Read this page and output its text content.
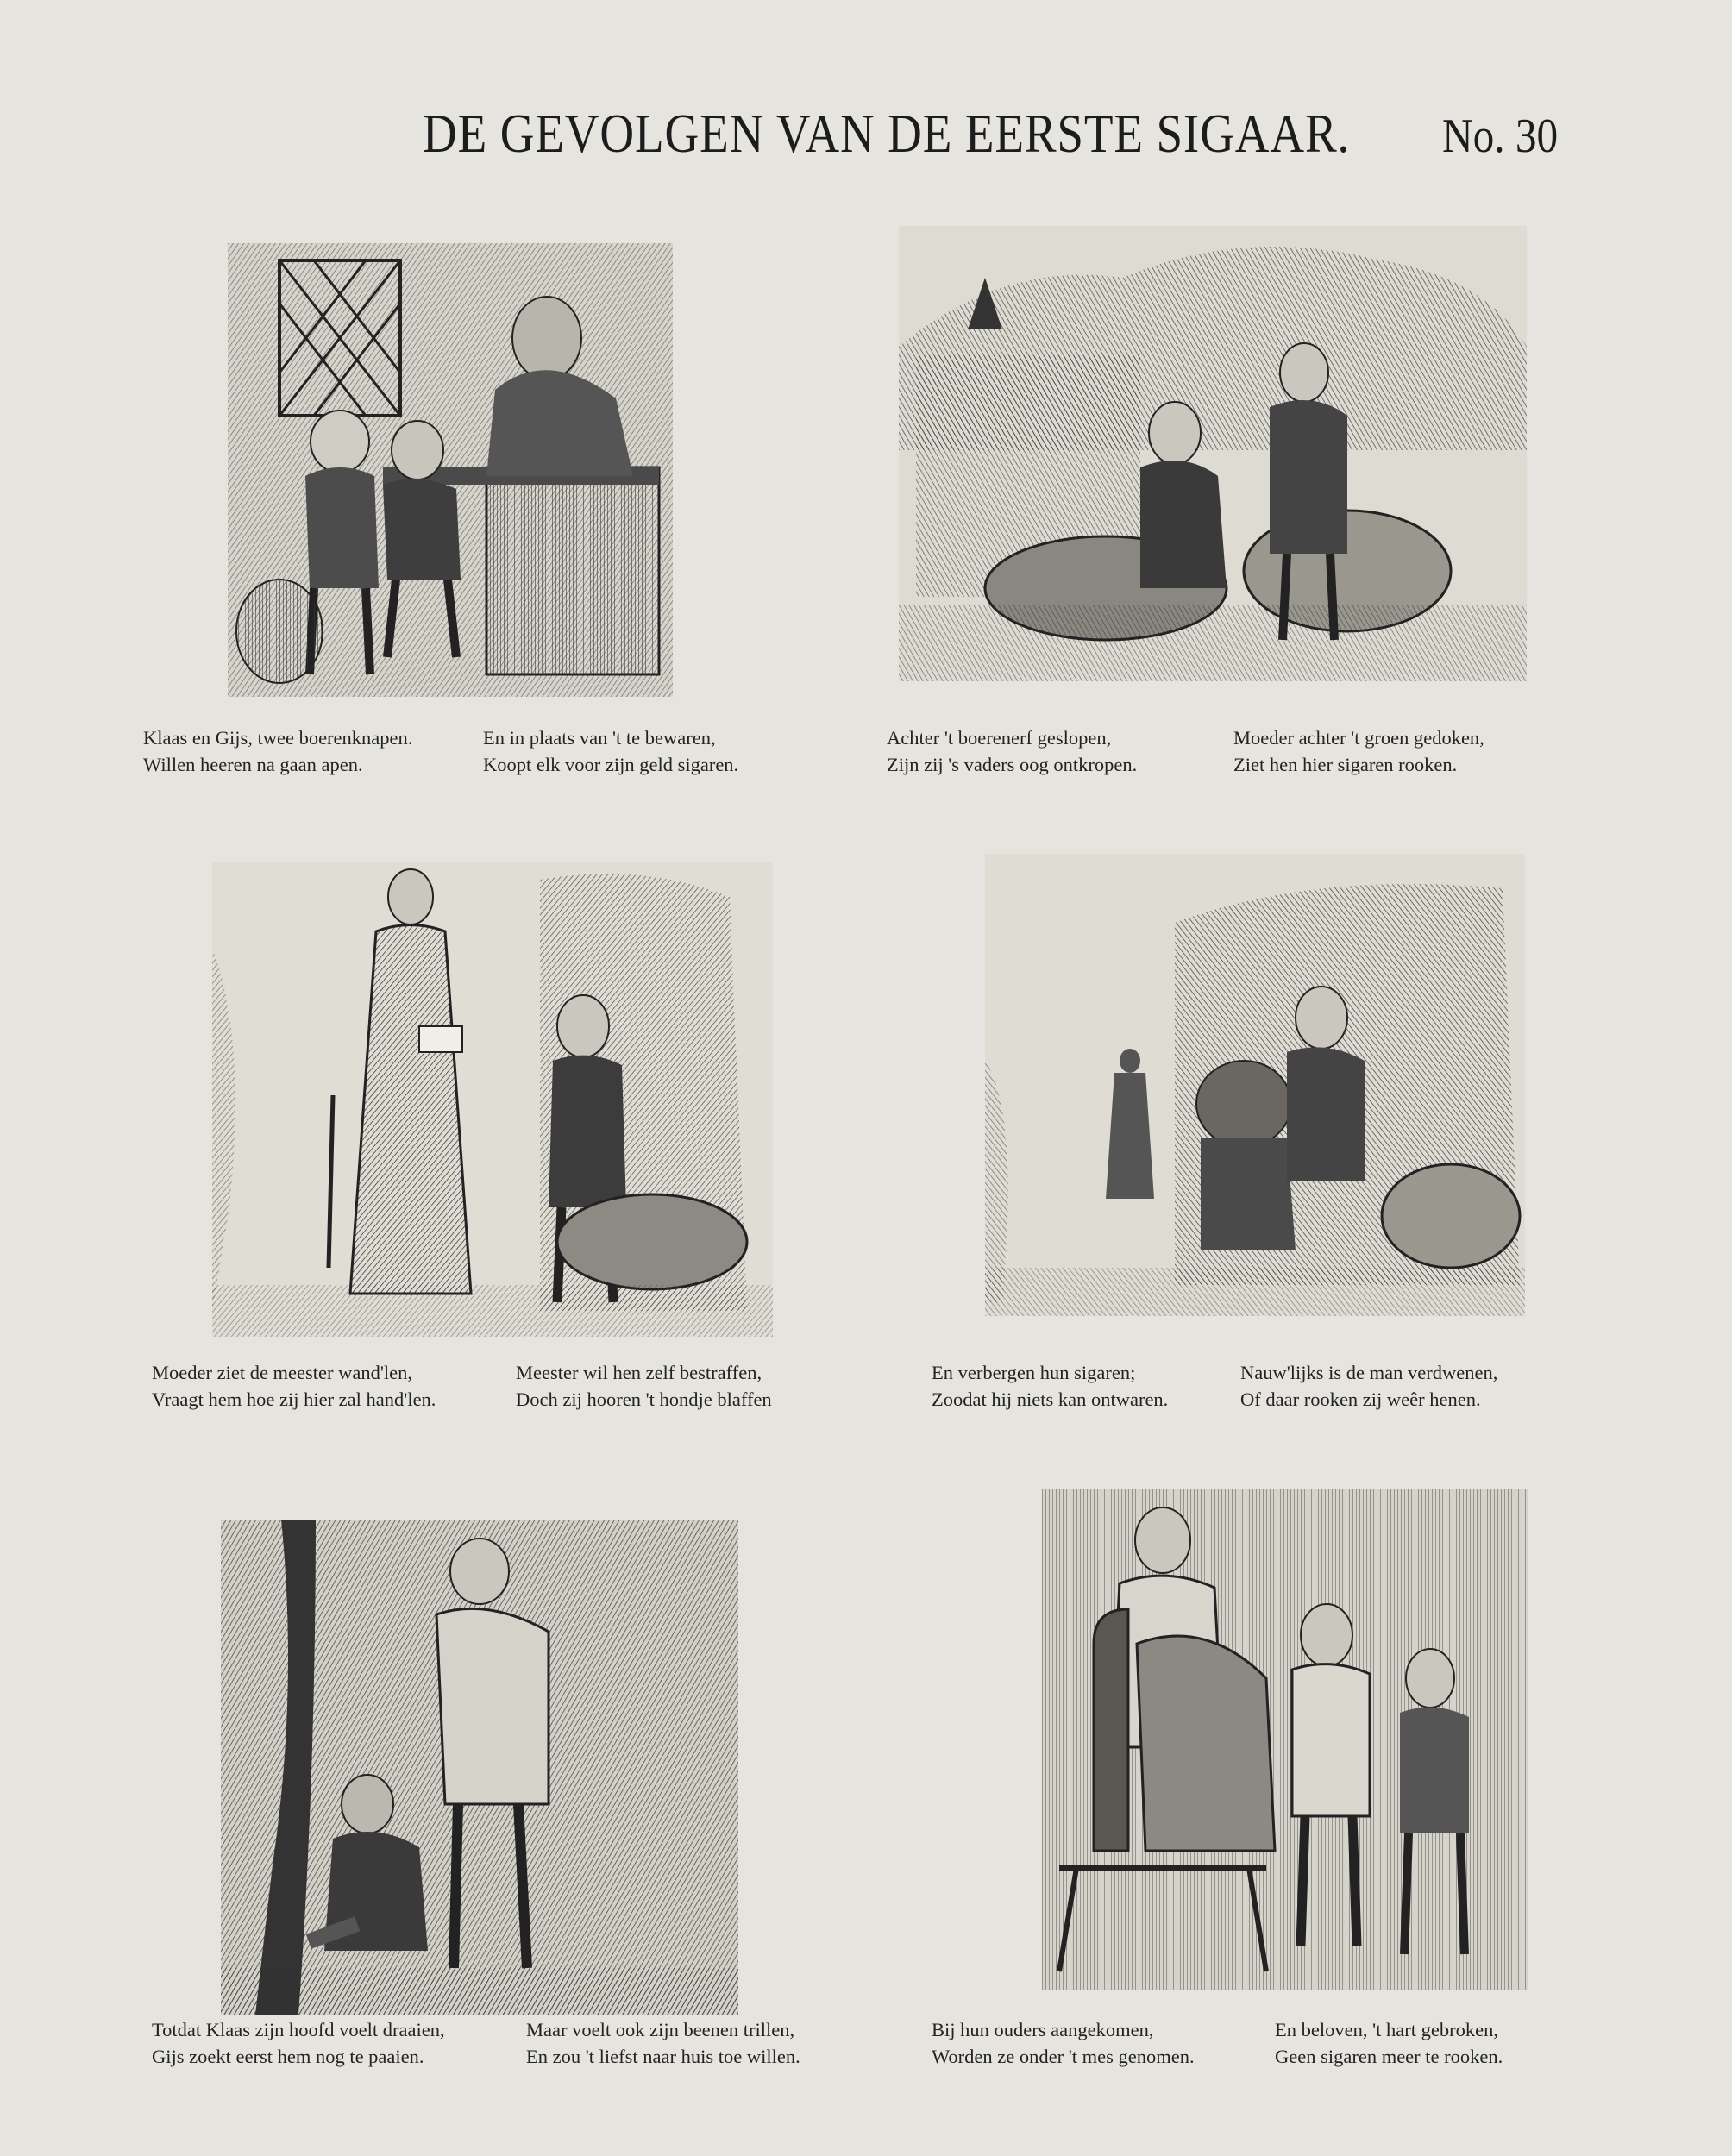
DE GEVOLGEN VAN DE EERSTE SIGAAR. No. 30
Klaas en Gijs, twee boerenknapen.
Willen heeren na gaan apen.
En in plaats van 't te bewaren,
Koopt elk voor zijn geld sigaren.
Achter 't boerenerf geslopen,
Zijn zij 's vaders oog ontkropen.
Moeder achter 't groen gedoken,
Ziet hen hier sigaren rooken.
Moeder ziet de meester wand'len,
Vraagt hem hoe zij hier zal hand'len.
Meester wil hen zelf bestraffen,
Doch zij hooren 't hondje blaffen
En verbergen hun sigaren;
Zoodat hij niets kan ontwaren.
Nauw'lijks is de man verdwenen,
Of daar rooken zij weêr henen.
Totdat Klaas zijn hoofd voelt draaien,
Gijs zoekt eerst hem nog te paaien.
Maar voelt ook zijn beenen trillen,
En zou 't liefst naar huis toe willen.
Bij hun ouders aangekomen,
Worden ze onder 't mes genomen.
En beloven, 't hart gebroken,
Geen sigaren meer te rooken.
